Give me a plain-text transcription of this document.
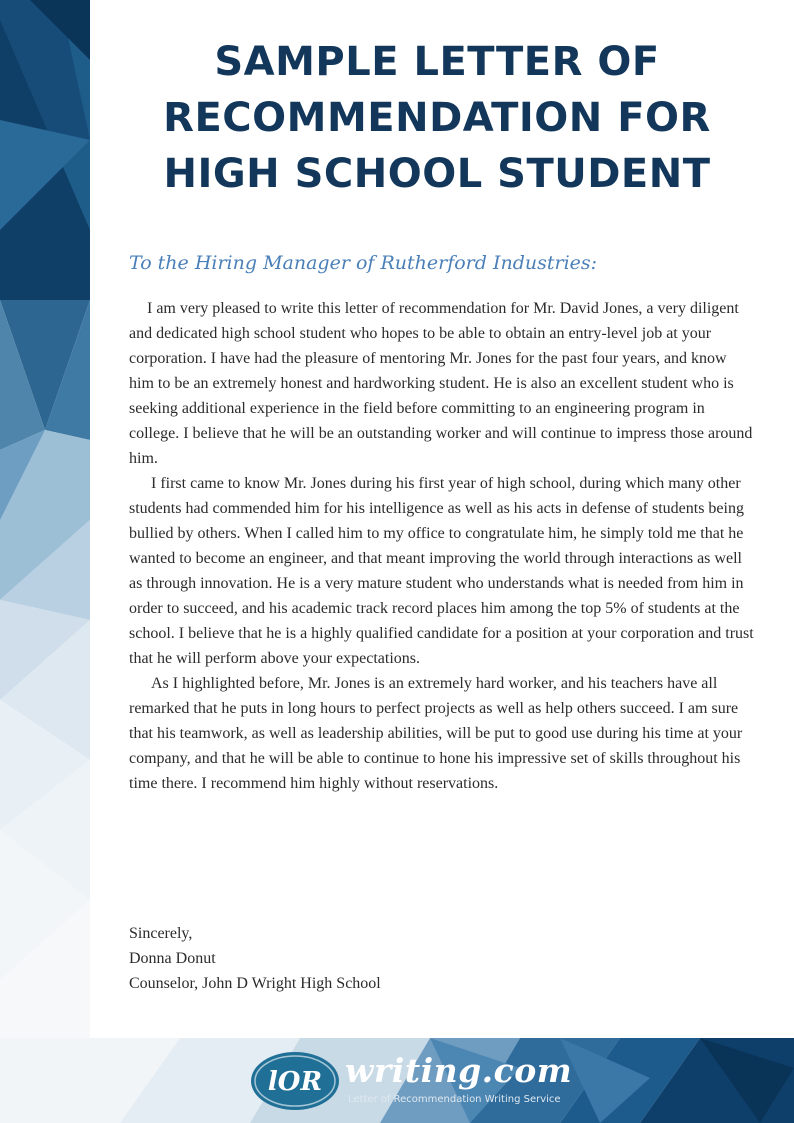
SAMPLE LETTER OF RECOMMENDATION FOR HIGH SCHOOL STUDENT
To the Hiring Manager of Rutherford Industries:

I am very pleased to write this letter of recommendation for Mr. David Jones, a very diligent and dedicated high school student who hopes to be able to obtain an entry-level job at your corporation. I have had the pleasure of mentoring Mr. Jones for the past four years, and know him to be an extremely honest and hardworking student. He is also an excellent student who is seeking additional experience in the field before committing to an engineering program in college. I believe that he will be an outstanding worker and will continue to impress those around him.

I first came to know Mr. Jones during his first year of high school, during which many other students had commended him for his intelligence as well as his acts in defense of students being bullied by others. When I called him to my office to congratulate him, he simply told me that he wanted to become an engineer, and that meant improving the world through interactions as well as through innovation. He is a very mature student who understands what is needed from him in order to succeed, and his academic track record places him among the top 5% of students at the school. I believe that he is a highly qualified candidate for a position at your corporation and trust that he will perform above your expectations.

As I highlighted before, Mr. Jones is an extremely hard worker, and his teachers have all remarked that he puts in long hours to perfect projects as well as help others succeed. I am sure that his teamwork, as well as leadership abilities, will be put to good use during his time at your company, and that he will be able to continue to hone his impressive set of skills throughout his time there. I recommend him highly without reservations.

Sincerely,
Donna Donut
Counselor, John D Wright High School
lOR writing.com
Letter of Recommendation Writing Service
